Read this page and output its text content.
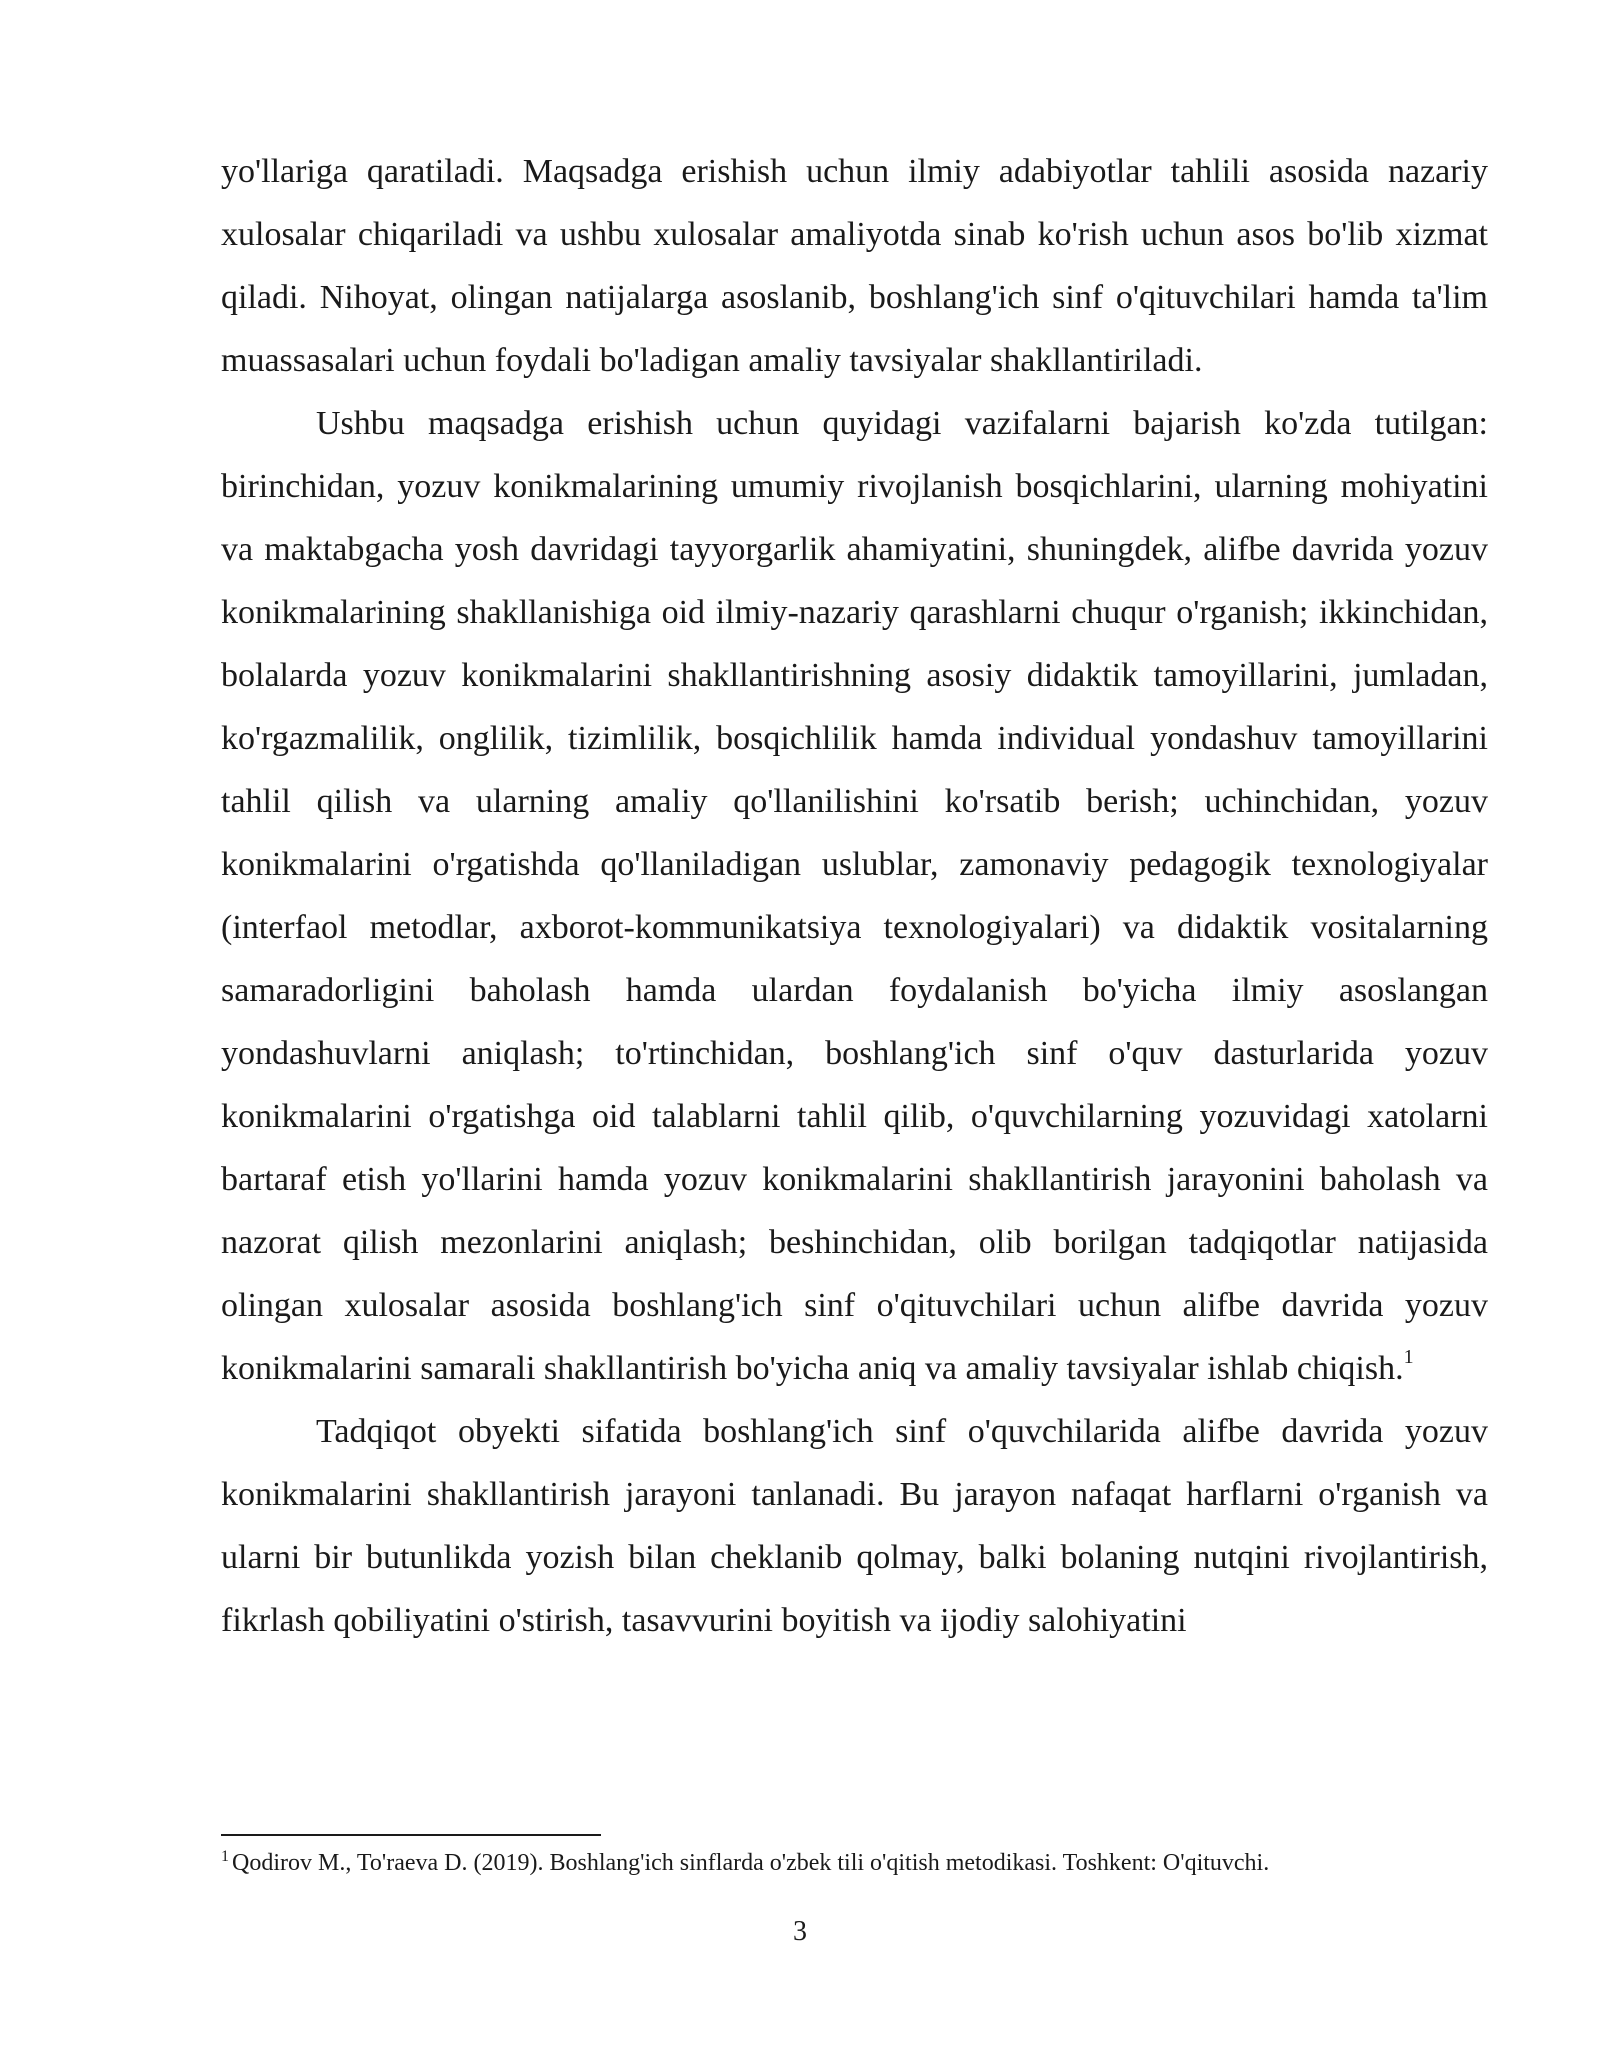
yo'llariga qaratiladi. Maqsadga erishish uchun ilmiy adabiyotlar tahlili asosida nazariy xulosalar chiqariladi va ushbu xulosalar amaliyotda sinab ko'rish uchun asos bo'lib xizmat qiladi. Nihoyat, olingan natijalarga asoslanib, boshlang'ich sinf o'qituvchilari hamda ta'lim muassasalari uchun foydali bo'ladigan amaliy tavsiyalar shakllantiriladi.

Ushbu maqsadga erishish uchun quyidagi vazifalarni bajarish ko'zda tutilgan: birinchidan, yozuv konikmalarining umumiy rivojlanish bosqichlarini, ularning mohiyatini va maktabgacha yosh davridagi tayyorgarlik ahamiyatini, shuningdek, alifbe davrida yozuv konikmalarining shakllanishiga oid ilmiy-nazariy qarashlarni chuqur o'rganish; ikkinchidan, bolalarda yozuv konikmalarini shakllantirishning asosiy didaktik tamoyillarini, jumladan, ko'rgazmalilik, onglilik, tizimlilik, bosqichlilik hamda individual yondashuv tamoyillarini tahlil qilish va ularning amaliy qo'llanilishini ko'rsatib berish; uchinchidan, yozuv konikmalarini o'rgatishda qo'llaniladigan uslublar, zamonaviy pedagogik texnologiyalar (interfaol metodlar, axborot-kommunikatsiya texnologiyalari) va didaktik vositalarning samaradorligini baholash hamda ulardan foydalanish bo'yicha ilmiy asoslangan yondashuvlarni aniqlash; to'rtinchidan, boshlang'ich sinf o'quv dasturlarida yozuv konikmalarini o'rgatishga oid talablarni tahlil qilib, o'quvchilarning yozuvidagi xatolarni bartaraf etish yo'llarini hamda yozuv konikmalarini shakllantirish jarayonini baholash va nazorat qilish mezonlarini aniqlash; beshinchidan, olib borilgan tadqiqotlar natijasida olingan xulosalar asosida boshlang'ich sinf o'qituvchilari uchun alifbe davrida yozuv konikmalarini samarali shakllantirish bo'yicha aniq va amaliy tavsiyalar ishlab chiqish.$^1$

Tadqiqot obyekti sifatida boshlang'ich sinf o'quvchilarida alifbe davrida yozuv konikmalarini shakllantirish jarayoni tanlanadi. Bu jarayon nafaqat harflarni o'rganish va ularni bir butunlikda yozish bilan cheklanib qolmay, balki bolaning nutqini rivojlantirish, fikrlash qobiliyatini o'stirish, tasavvurini boyitish va ijodiy salohiyatini

$^1$ Qodirov M., To'raeva D. (2019). Boshlang'ich sinflarda o'zbek tili o'qitish metodikasi. Toshkent: O'qituvchi.

3
